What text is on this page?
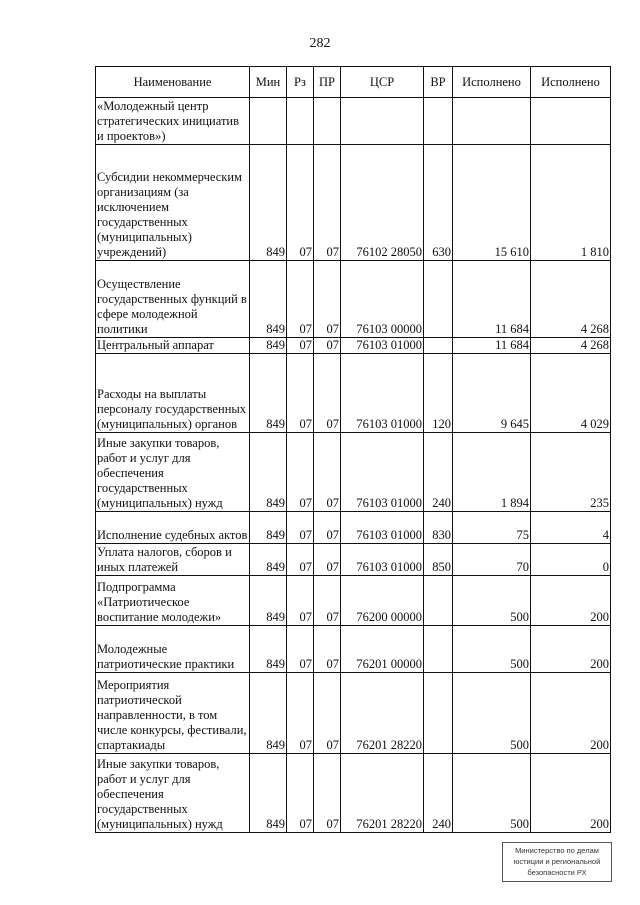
282
Наименование	Мин	Рз	ПР	ЦСР	ВР	Исполнено	Исполнено
«Молодежный центр стратегических инициатив и проектов»)							
Субсидии некоммерческим организациям (за исключением государственных (муниципальных) учреждений)	849	07	07	76102 28050	630	15 610	1 810
Осуществление государственных функций в сфере молодежной политики	849	07	07	76103 00000		11 684	4 268
Центральный аппарат	849	07	07	76103 01000		11 684	4 268
Расходы на выплаты персоналу государственных (муниципальных) органов	849	07	07	76103 01000	120	9 645	4 029
Иные закупки товаров, работ и услуг для обеспечения государственных (муниципальных) нужд	849	07	07	76103 01000	240	1 894	235
Исполнение судебных актов	849	07	07	76103 01000	830	75	4
Уплата налогов, сборов и иных платежей	849	07	07	76103 01000	850	70	0
Подпрограмма «Патриотическое воспитание молодежи»	849	07	07	76200 00000		500	200
Молодежные патриотические практики	849	07	07	76201 00000		500	200
Мероприятия патриотической направленности, в том числе конкурсы, фестивали, спартакиады	849	07	07	76201 28220		500	200
Иные закупки товаров, работ и услуг для обеспечения государственных (муниципальных) нужд	849	07	07	76201 28220	240	500	200
Министерство по делам
юстиции и региональной
безопасности РХ
